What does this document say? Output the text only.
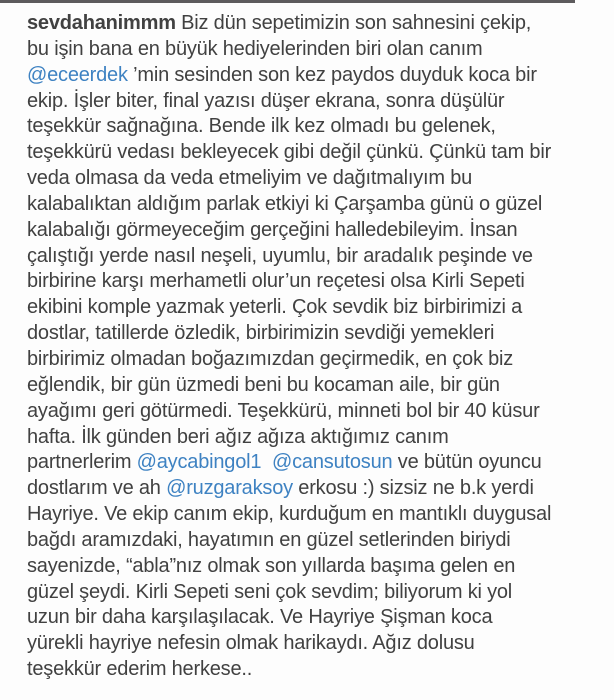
sevdahanimmm Biz dün sepetimizin son sahnesini çekip,
bu işin bana en büyük hediyelerinden biri olan canım
@eceerdek ’min sesinden son kez paydos duyduk koca bir
ekip. İşler biter, final yazısı düşer ekrana, sonra düşülür
teşekkür sağnağına. Bende ilk kez olmadı bu gelenek,
teşekkürü vedası bekleyecek gibi değil çünkü. Çünkü tam bir
veda olmasa da veda etmeliyim ve dağıtmalıyım bu
kalabalıktan aldığım parlak etkiyi ki Çarşamba günü o güzel
kalabalığı görmeyeceğim gerçeğini halledebileyim. İnsan
çalıştığı yerde nasıl neşeli, uyumlu, bir aradalık peşinde ve
birbirine karşı merhametli olur’un reçetesi olsa Kirli Sepeti
ekibini komple yazmak yeterli. Çok sevdik biz birbirimizi a
dostlar, tatillerde özledik, birbirimizin sevdiği yemekleri
birbirimiz olmadan boğazımızdan geçirmedik, en çok biz
eğlendik, bir gün üzmedi beni bu kocaman aile, bir gün
ayağımı geri götürmedi. Teşekkürü, minneti bol bir 40 küsur
hafta. İlk günden beri ağız ağıza aktığımız canım
partnerlerim @aycabingol1 @cansutosun ve bütün oyuncu
dostlarım ve ah @ruzgaraksoy erkosu :) sizsiz ne b.k yerdi
Hayriye. Ve ekip canım ekip, kurduğum en mantıklı duygusal
bağdı aramızdaki, hayatımın en güzel setlerinden biriydi
sayenizde, “abla”nız olmak son yıllarda başıma gelen en
güzel şeydi. Kirli Sepeti seni çok sevdim; biliyorum ki yol
uzun bir daha karşılaşılacak. Ve Hayriye Şişman koca
yürekli hayriye nefesin olmak harikaydı. Ağız dolusu
teşekkür ederim herkese..
